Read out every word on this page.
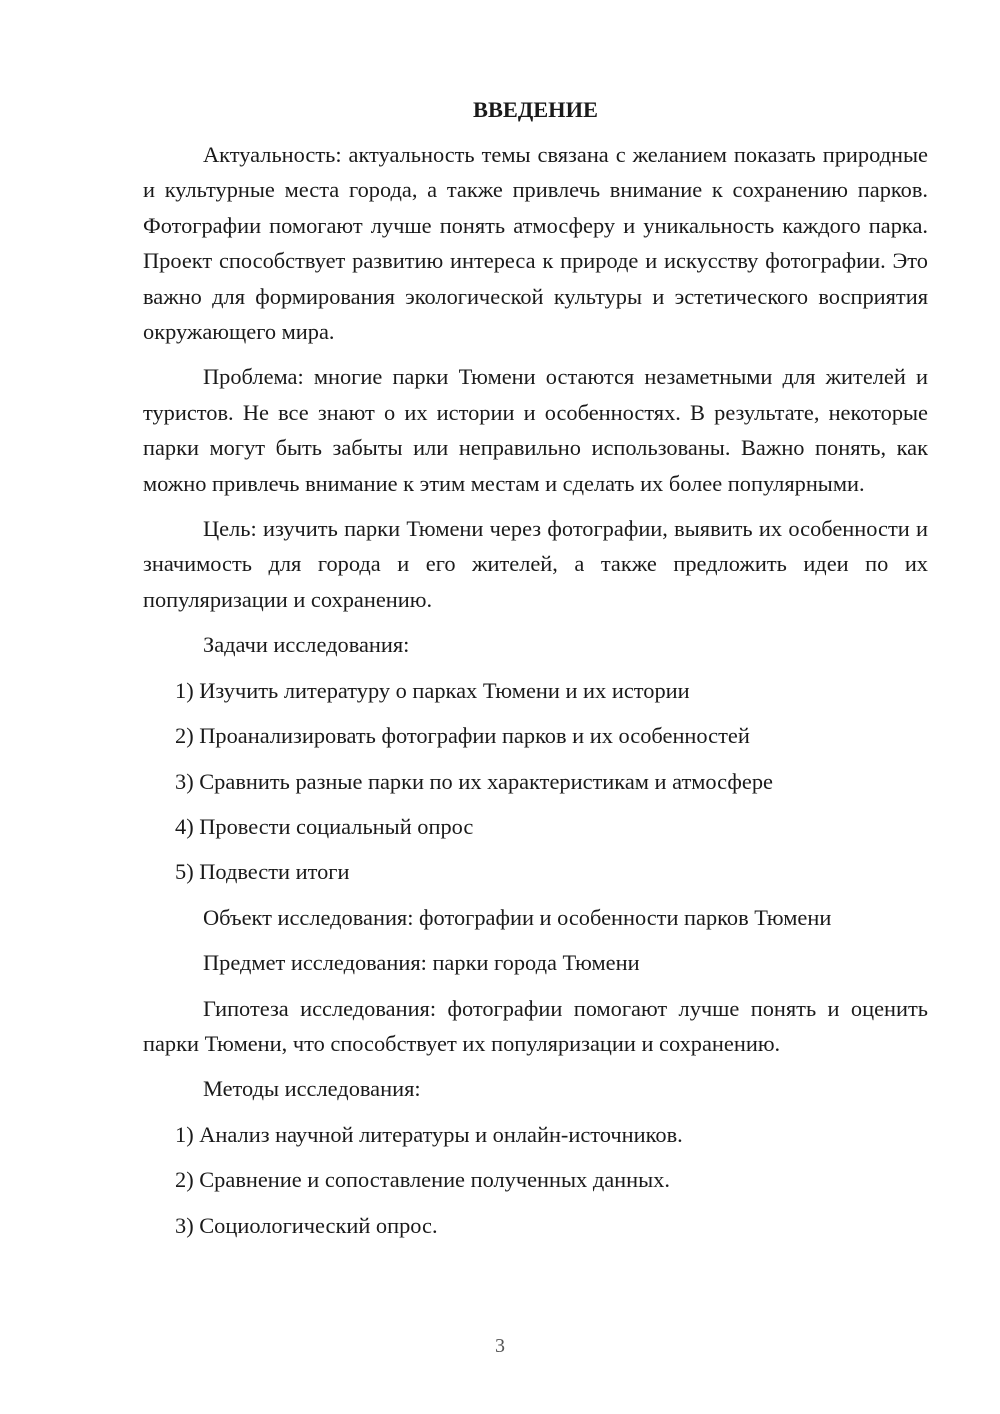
ВВЕДЕНИЕ

Актуальность: актуальность темы связана с желанием показать природные и культурные места города, а также привлечь внимание к сохранению парков. Фотографии помогают лучше понять атмосферу и уникальность каждого парка. Проект способствует развитию интереса к природе и искусству фотографии. Это важно для формирования экологической культуры и эстетического восприятия окружающего мира.

Проблема: многие парки Тюмени остаются незаметными для жителей и туристов. Не все знают о их истории и особенностях. В результате, некоторые парки могут быть забыты или неправильно использованы. Важно понять, как можно привлечь внимание к этим местам и сделать их более популярными.

Цель: изучить парки Тюмени через фотографии, выявить их особенности и значимость для города и его жителей, а также предложить идеи по их популяризации и сохранению.

Задачи исследования:

1) Изучить литературу о парках Тюмени и их истории

2) Проанализировать фотографии парков и их особенностей

3) Сравнить разные парки по их характеристикам и атмосфере

4) Провести социальный опрос

5) Подвести итоги

Объект исследования: фотографии и особенности парков Тюмени

Предмет исследования: парки города Тюмени

Гипотеза исследования: фотографии помогают лучше понять и оценить парки Тюмени, что способствует их популяризации и сохранению.

Методы исследования:

1) Анализ научной литературы и онлайн-источников.

2) Сравнение и сопоставление полученных данных.

3) Социологический опрос.

3
